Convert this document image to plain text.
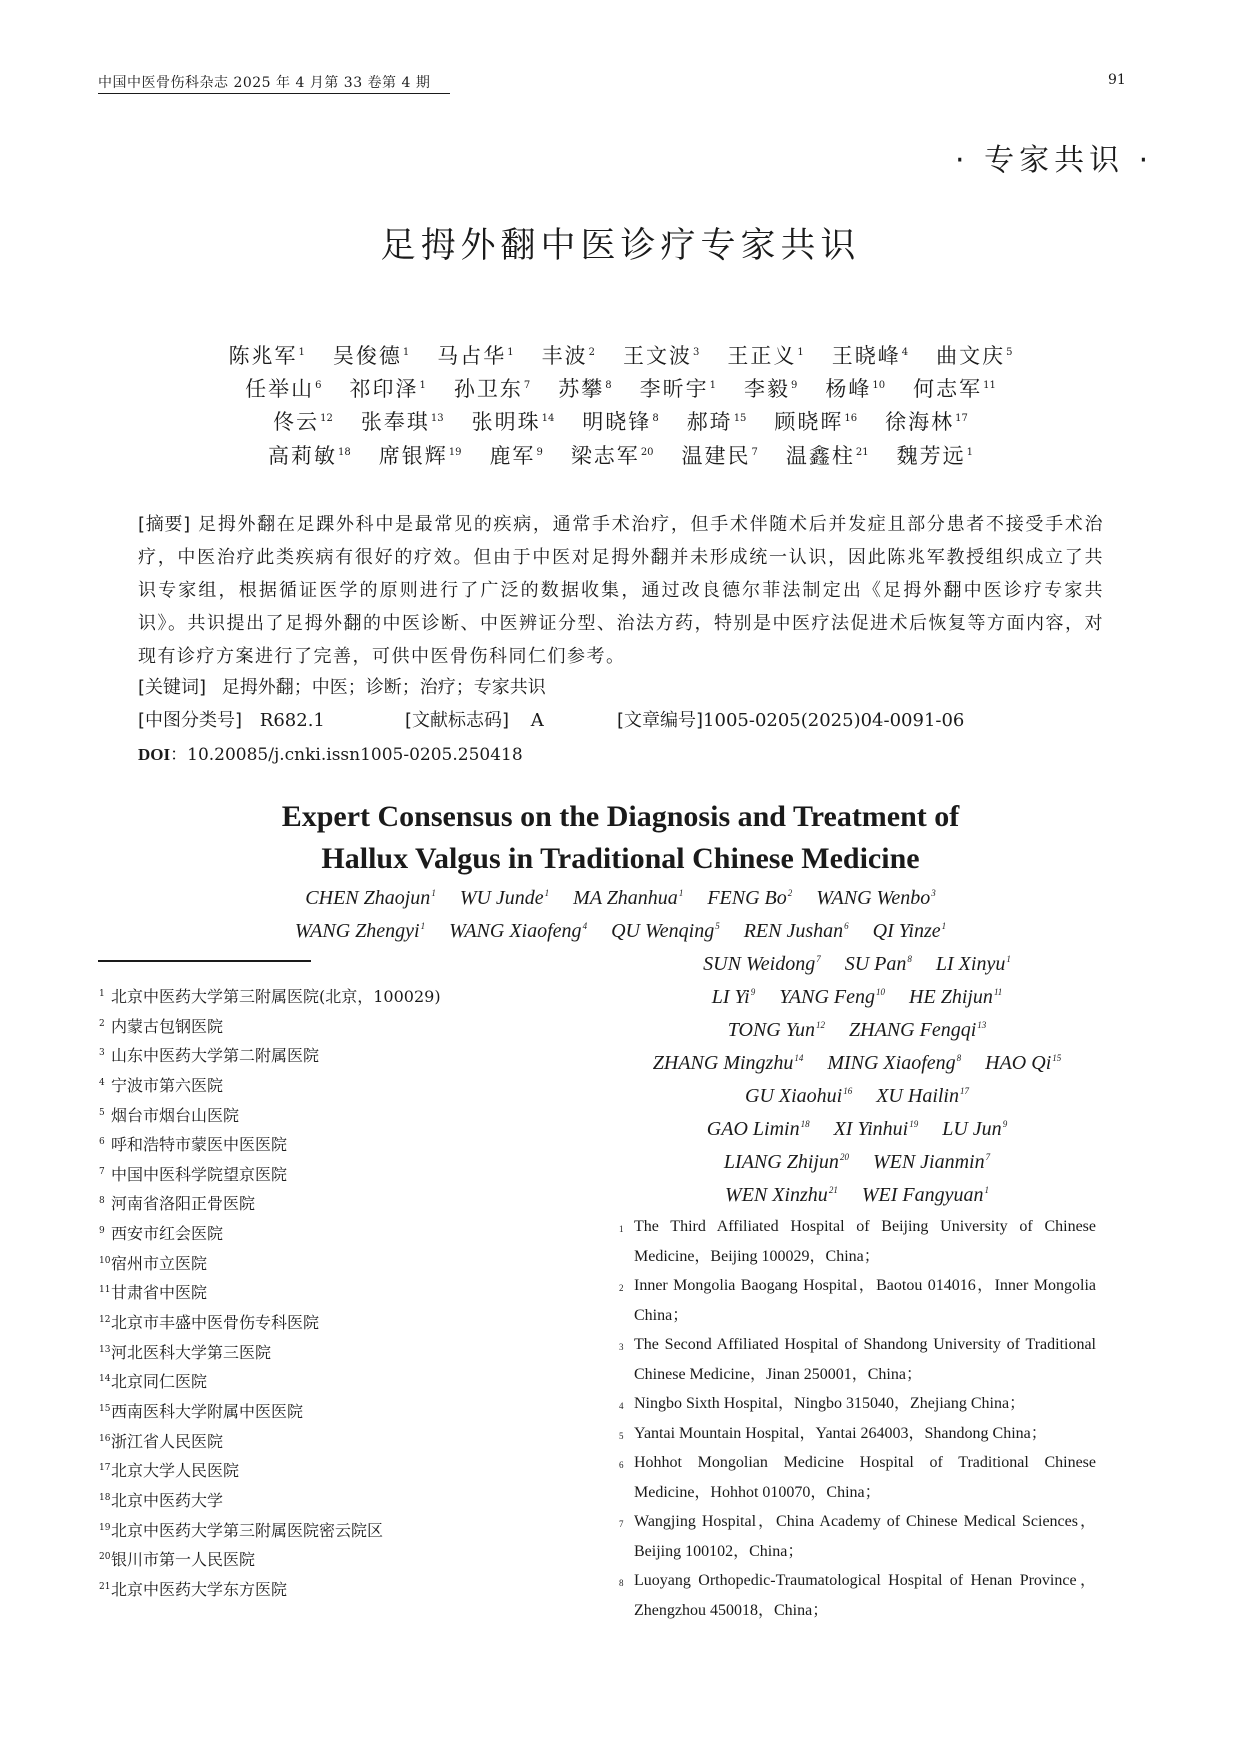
中国中医骨伤科杂志 2025 年 4 月第 33 卷第 4 期	91
· 专家共识 ·
足拇外翻中医诊疗专家共识
陈兆军$^1$ 吴俊德$^1$ 马占华$^1$ 丰波$^2$ 王文波$^3$ 王正义$^1$ 王晓峰$^4$ 曲文庆$^5$
任举山$^6$ 祁印泽$^1$ 孙卫东$^7$ 苏攀$^8$ 李昕宇$^1$ 李毅$^9$ 杨峰$^{10}$ 何志军$^{11}$
佟云$^{12}$ 张奉琪$^{13}$ 张明珠$^{14}$ 明晓锋$^8$ 郝琦$^{15}$ 顾晓晖$^{16}$ 徐海林$^{17}$
高莉敏$^{18}$ 席银辉$^{19}$ 鹿军$^9$ 梁志军$^{20}$ 温建民$^7$ 温鑫柱$^{21}$ 魏芳远$^1$
[摘要] 足拇外翻在足踝外科中是最常见的疾病，通常手术治疗，但手术伴随术后并发症且部分患者不接受手术治疗，中医治疗此类疾病有很好的疗效。但由于中医对足拇外翻并未形成统一认识，因此陈兆军教授组织成立了共识专家组，根据循证医学的原则进行了广泛的数据收集，通过改良德尔菲法制定出《足拇外翻中医诊疗专家共识》。共识提出了足拇外翻的中医诊断、中医辨证分型、治法方药，特别是中医疗法促进术后恢复等方面内容，对现有诊疗方案进行了完善，可供中医骨伤科同仁们参考。
[关键词] 足拇外翻；中医；诊断；治疗；专家共识
[中图分类号] R682.1	[文献标志码] A	[文章编号]1005-0205(2025)04-0091-06
DOI：10.20085/j.cnki.issn1005-0205.250418
Expert Consensus on the Diagnosis and Treatment of
Hallux Valgus in Traditional Chinese Medicine
CHEN Zhaojun$^1$ WU Junde$^1$ MA Zhanhua$^1$ FENG Bo$^2$ WANG Wenbo$^3$
WANG Zhengyi$^1$ WANG Xiaofeng$^4$ QU Wenqing$^5$ REN Jushan$^6$ QI Yinze$^1$
SUN Weidong$^7$ SU Pan$^8$ LI Xinyu$^1$
LI Yi$^9$ YANG Feng$^{10}$ HE Zhijun$^{11}$
TONG Yun$^{12}$ ZHANG Fengqi$^{13}$
ZHANG Mingzhu$^{14}$ MING Xiaofeng$^8$ HAO Qi$^{15}$
GU Xiaohui$^{16}$ XU Hailin$^{17}$
GAO Limin$^{18}$ XI Yinhui$^{19}$ LU Jun$^9$
LIANG Zhijun$^{20}$ WEN Jianmin$^7$
WEN Xinzhu$^{21}$ WEI Fangyuan$^1$
$^1$ 北京中医药大学第三附属医院(北京，100029)
$^2$ 内蒙古包钢医院
$^3$ 山东中医药大学第二附属医院
$^4$ 宁波市第六医院
$^5$ 烟台市烟台山医院
$^6$ 呼和浩特市蒙医中医医院
$^7$ 中国中医科学院望京医院
$^8$ 河南省洛阳正骨医院
$^9$ 西安市红会医院
$^{10}$宿州市立医院
$^{11}$甘肃省中医院
$^{12}$北京市丰盛中医骨伤专科医院
$^{13}$河北医科大学第三医院
$^{14}$北京同仁医院
$^{15}$西南医科大学附属中医医院
$^{16}$浙江省人民医院
$^{17}$北京大学人民医院
$^{18}$北京中医药大学
$^{19}$北京中医药大学第三附属医院密云院区
$^{20}$银川市第一人民医院
$^{21}$北京中医药大学东方医院
1 The Third Affiliated Hospital of Beijing University of Chinese Medicine，Beijing 100029，China；
2 Inner Mongolia Baogang Hospital，Baotou 014016，Inner Mongolia China；
3 The Second Affiliated Hospital of Shandong University of Traditional Chinese Medicine，Jinan 250001，China；
4 Ningbo Sixth Hospital，Ningbo 315040，Zhejiang China；
5 Yantai Mountain Hospital，Yantai 264003，Shandong China；
6 Hohhot Mongolian Medicine Hospital of Traditional Chinese Medicine，Hohhot 010070，China；
7 Wangjing Hospital，China Academy of Chinese Medical Sciences，Beijing 100102，China；
8 Luoyang Orthopedic-Traumatological Hospital of Henan Province，Zhengzhou 450018，China；
